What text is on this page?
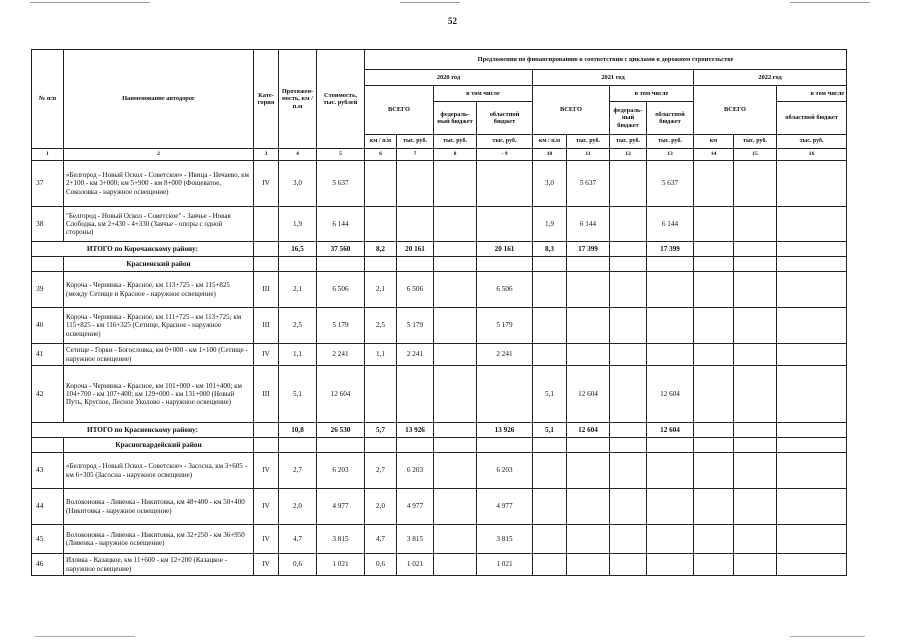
52
№ п/п	Наименование автодорог	Кате-гория	Протяжен-ность, км / п.м	Стоимость, тыс. рублей	Предложения по финансированию в соответствии с циклами в дорожном строительстве										
					2020 год				2021 год				2022 год		
					ВСЕГО		в том числе		ВСЕГО		в том числе		ВСЕГО		в том числе
							федераль-ный бюджет	областной бюджет			федераль-ный бюджет	областной бюджет			областной бюджет
					км / п.м	тыс. руб.	тыс. руб.	тыс. руб.	км / п.м	тыс. руб.	тыс. руб.	тыс. руб.	км	тыс. руб.	тыс. руб.
1	2	3	4	5	6	7	8	- 9	10	11	12	13	14	15	16
37	«Белгород - Новый Оскол - Советское» - Ивица - Нечаево, км 2+100 - км 3+000; км 5+900 - км 8+000 (Фощеватое, Соколовка - наружное освещение)	IV	3,0	5 637					3,0	5 637		5 637			
38	"Белгород - Новый Оскол - Советское" - Заячье - Новая Слободка, км 2+430 - 4+330 (Заячье - опоры с одной стороны)		1,9	6 144					1,9	6 144		6 144			
ИТОГО по Корочанскому району:			16,5	37 560	8,2	20 161		20 161	8,3	17 399		17 399			
	Красненский район														
39	Короча - Чернянка - Красное, км 113+725 - км 115+825 (между Сетище и Красное - наружное освещение)	III	2,1	6 506	2,1	6 506		6 506							
40	Короча - Чернянка - Красное, км 111+725 - км 113+725; км 115+825 - км 116+325 (Сетище, Красное - наружное освещение)	III	2,5	5 179	2,5	5 179		5 179							
41	Сетище - Горки - Богословка, км 0+000 - км 1+100 (Сетище - наружное освещение)	IV	1,1	2 241	1,1	2 241		2 241							
42	Короча - Чернянка - Красное, км 101+000 - км 101+400; км 104+700 - км 107+400; км 129+000 - км 131+000 (Новый Путь, Круглое, Лесное Уколово - наружное освещение)	III	5,1	12 604					5,1	12 604		12 604			
ИТОГО по Красненскому району:			10,8	26 530	5,7	13 926		13 926	5,1	12 604		12 604			
	Красногвардейский район														
43	«Белгород - Новый Оскол - Советское» - Засосна, км 3+605 - км 6+305 (Засосна - наружное освещение)	IV	2,7	6 203	2,7	6 203		6 203							
44	Волоконовка - Ливенка - Никитовка, км 48+400 - км 50+400 (Никитовка - наружное освещение)	IV	2,0	4 977	2,0	4 977		4 977							
45	Волоконовка - Ливенка - Никитовка, км 32+250 - км 36+950 (Ливенка - наружное освещение)	IV	4,7	3 815	4,7	3 815		3 815							
46	Иловка - Казацкое, км 11+600 - км 12+200 (Казацкое - наружное освещение)	IV	0,6	1 021	0,6	1 021		1 021							
